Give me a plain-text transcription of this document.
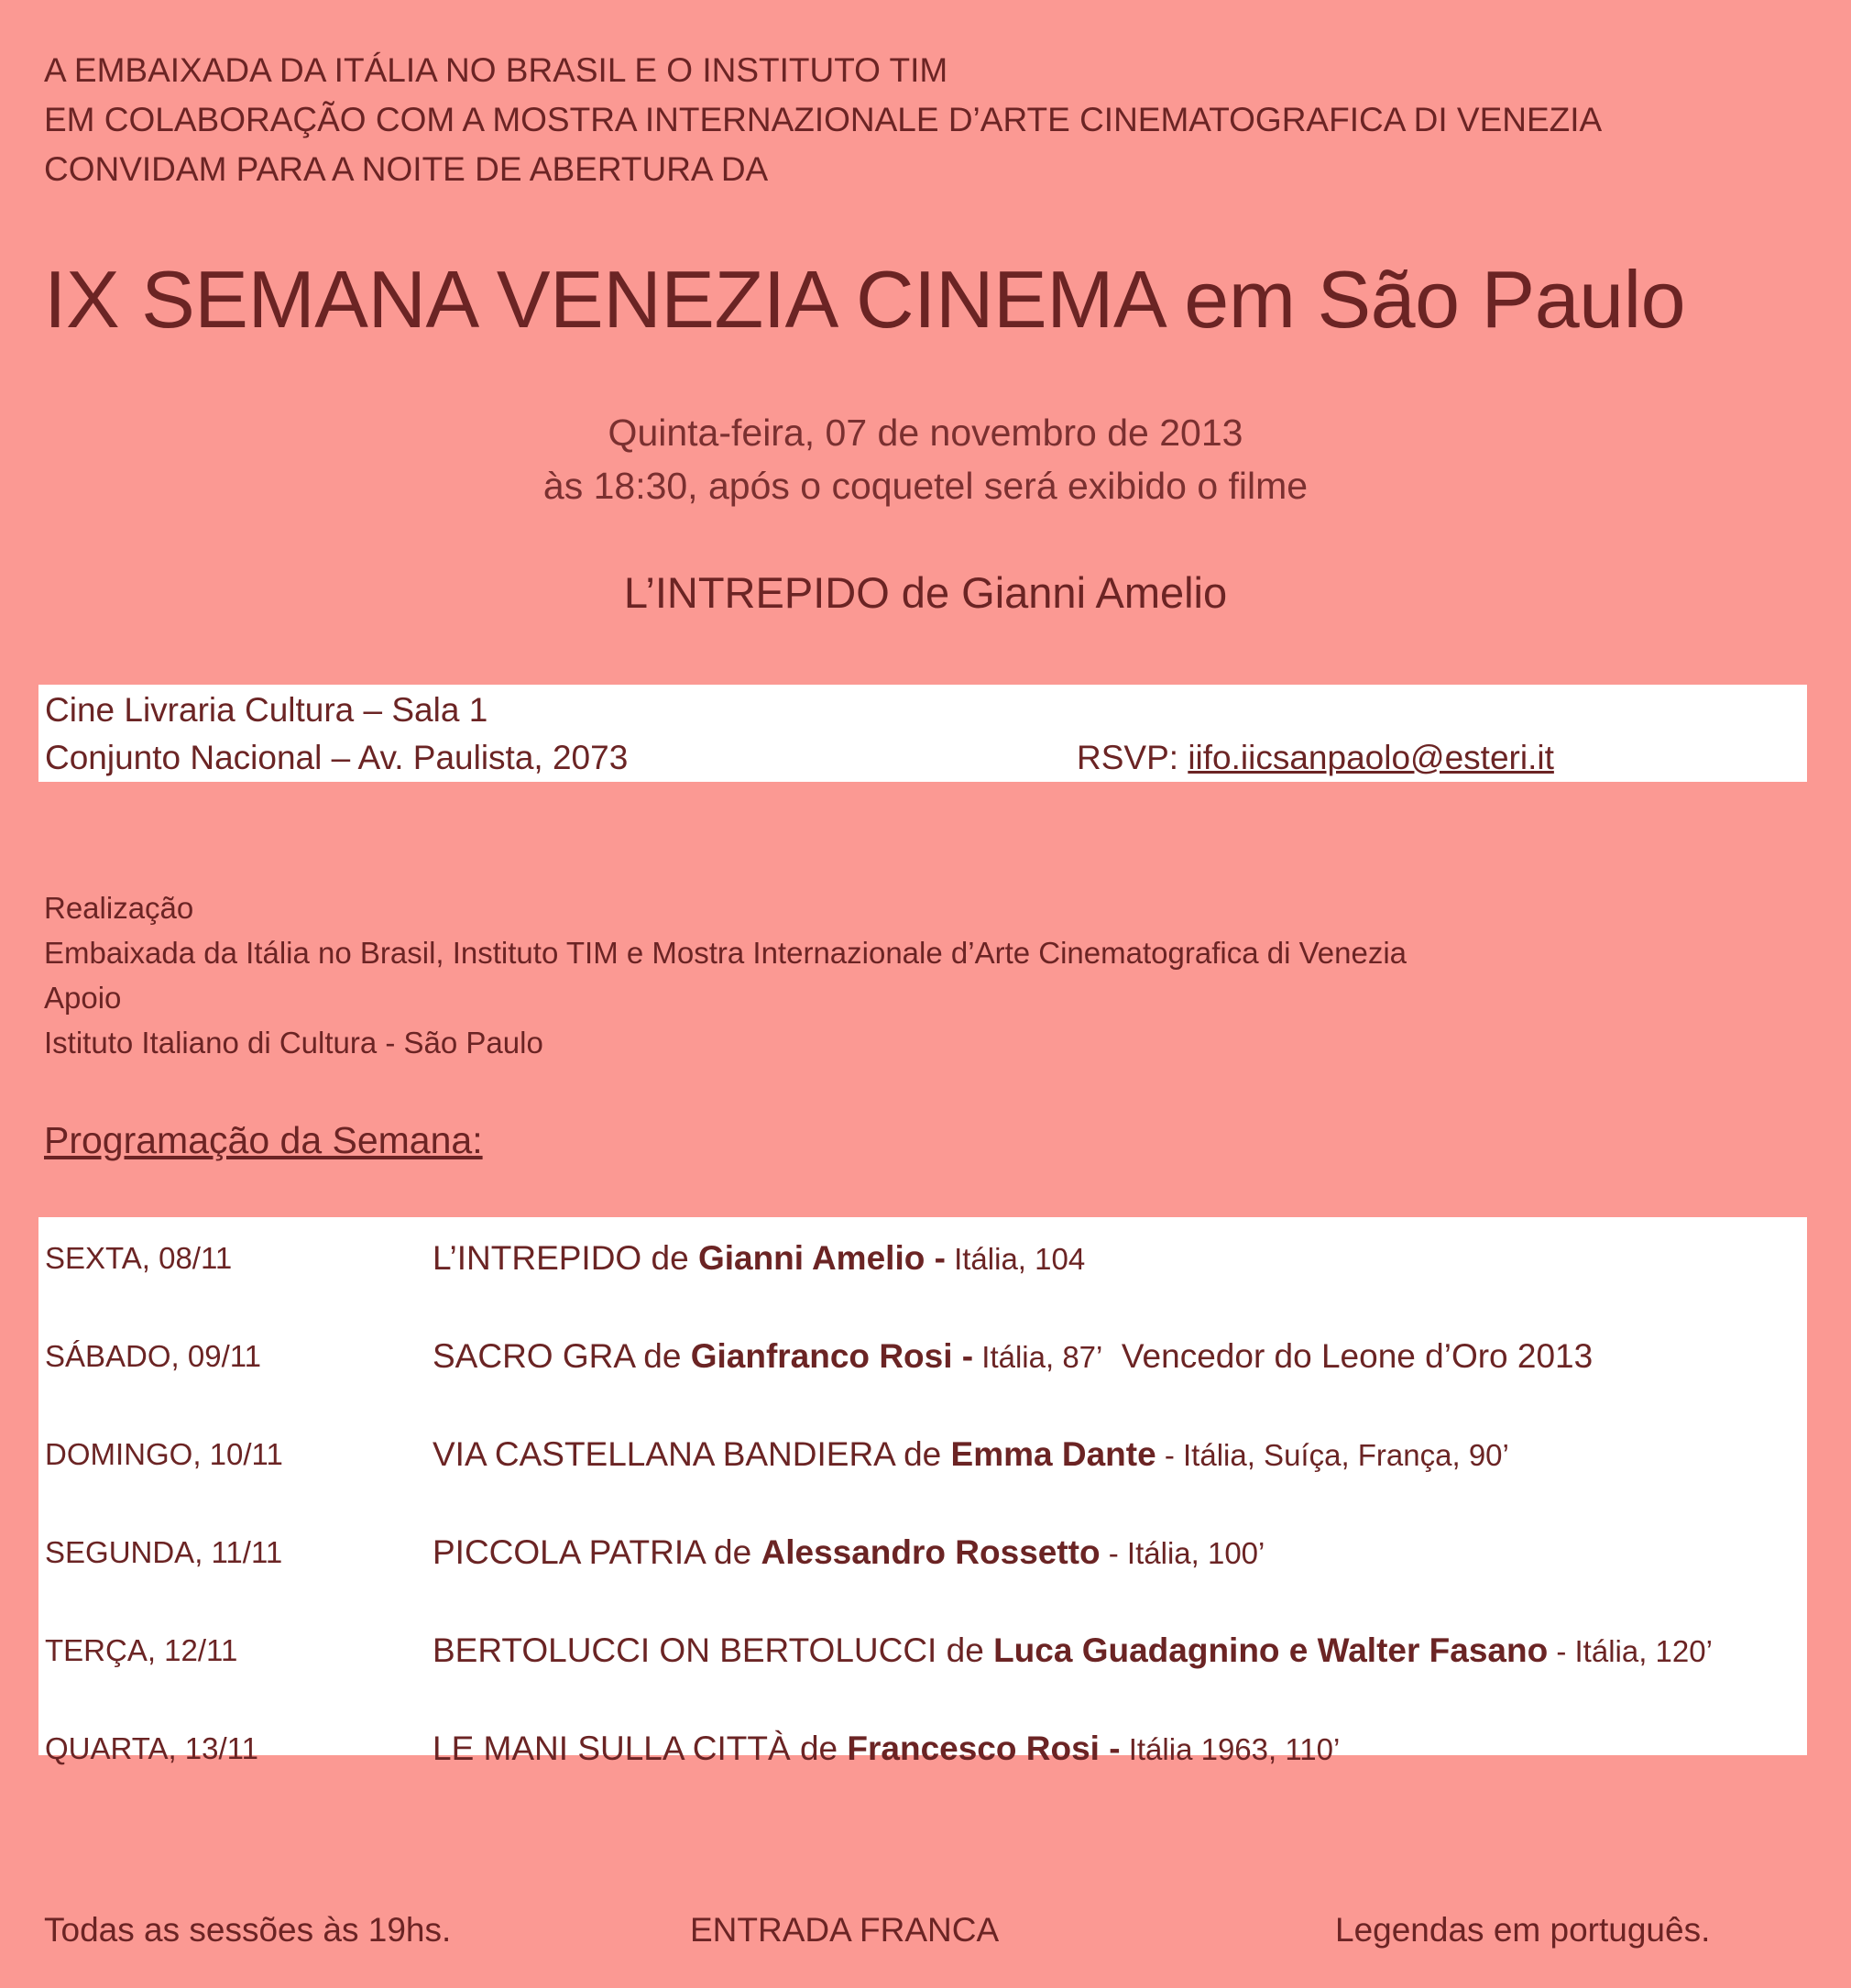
A EMBAIXADA DA ITÁLIA NO BRASIL E O INSTITUTO TIM
EM COLABORAÇÃO COM A MOSTRA INTERNAZIONALE D’ARTE CINEMATOGRAFICA DI VENEZIA
CONVIDAM PARA A NOITE DE ABERTURA DA
IX SEMANA VENEZIA CINEMA em São Paulo
Quinta-feira, 07 de novembro de 2013
às 18:30, após o coquetel será exibido o filme
L’INTREPIDO de Gianni Amelio
Cine Livraria Cultura – Sala 1
Conjunto Nacional – Av. Paulista, 2073	RSVP: iifo.iicsanpaolo@esteri.it
Realização
Embaixada da Itália no Brasil, Instituto TIM e Mostra Internazionale d’Arte Cinematografica di Venezia
Apoio
Istituto Italiano di Cultura - São Paulo
Programação da Semana:
SEXTA, 08/11	L’INTREPIDO de Gianni Amelio - Itália, 104
SÁBADO, 09/11	SACRO GRA de Gianfranco Rosi - Itália, 87’  Vencedor do Leone d’Oro 2013
DOMINGO, 10/11	VIA CASTELLANA BANDIERA de Emma Dante - Itália, Suíça, França, 90’
SEGUNDA, 11/11	PICCOLA PATRIA de Alessandro Rossetto - Itália, 100’
TERÇA, 12/11	BERTOLUCCI ON BERTOLUCCI de Luca Guadagnino e Walter Fasano - Itália, 120’
QUARTA, 13/11	LE MANI SULLA CITTÀ de Francesco Rosi - Itália 1963, 110’
Todas as sessões às 19hs.	ENTRADA FRANCA	Legendas em português.
